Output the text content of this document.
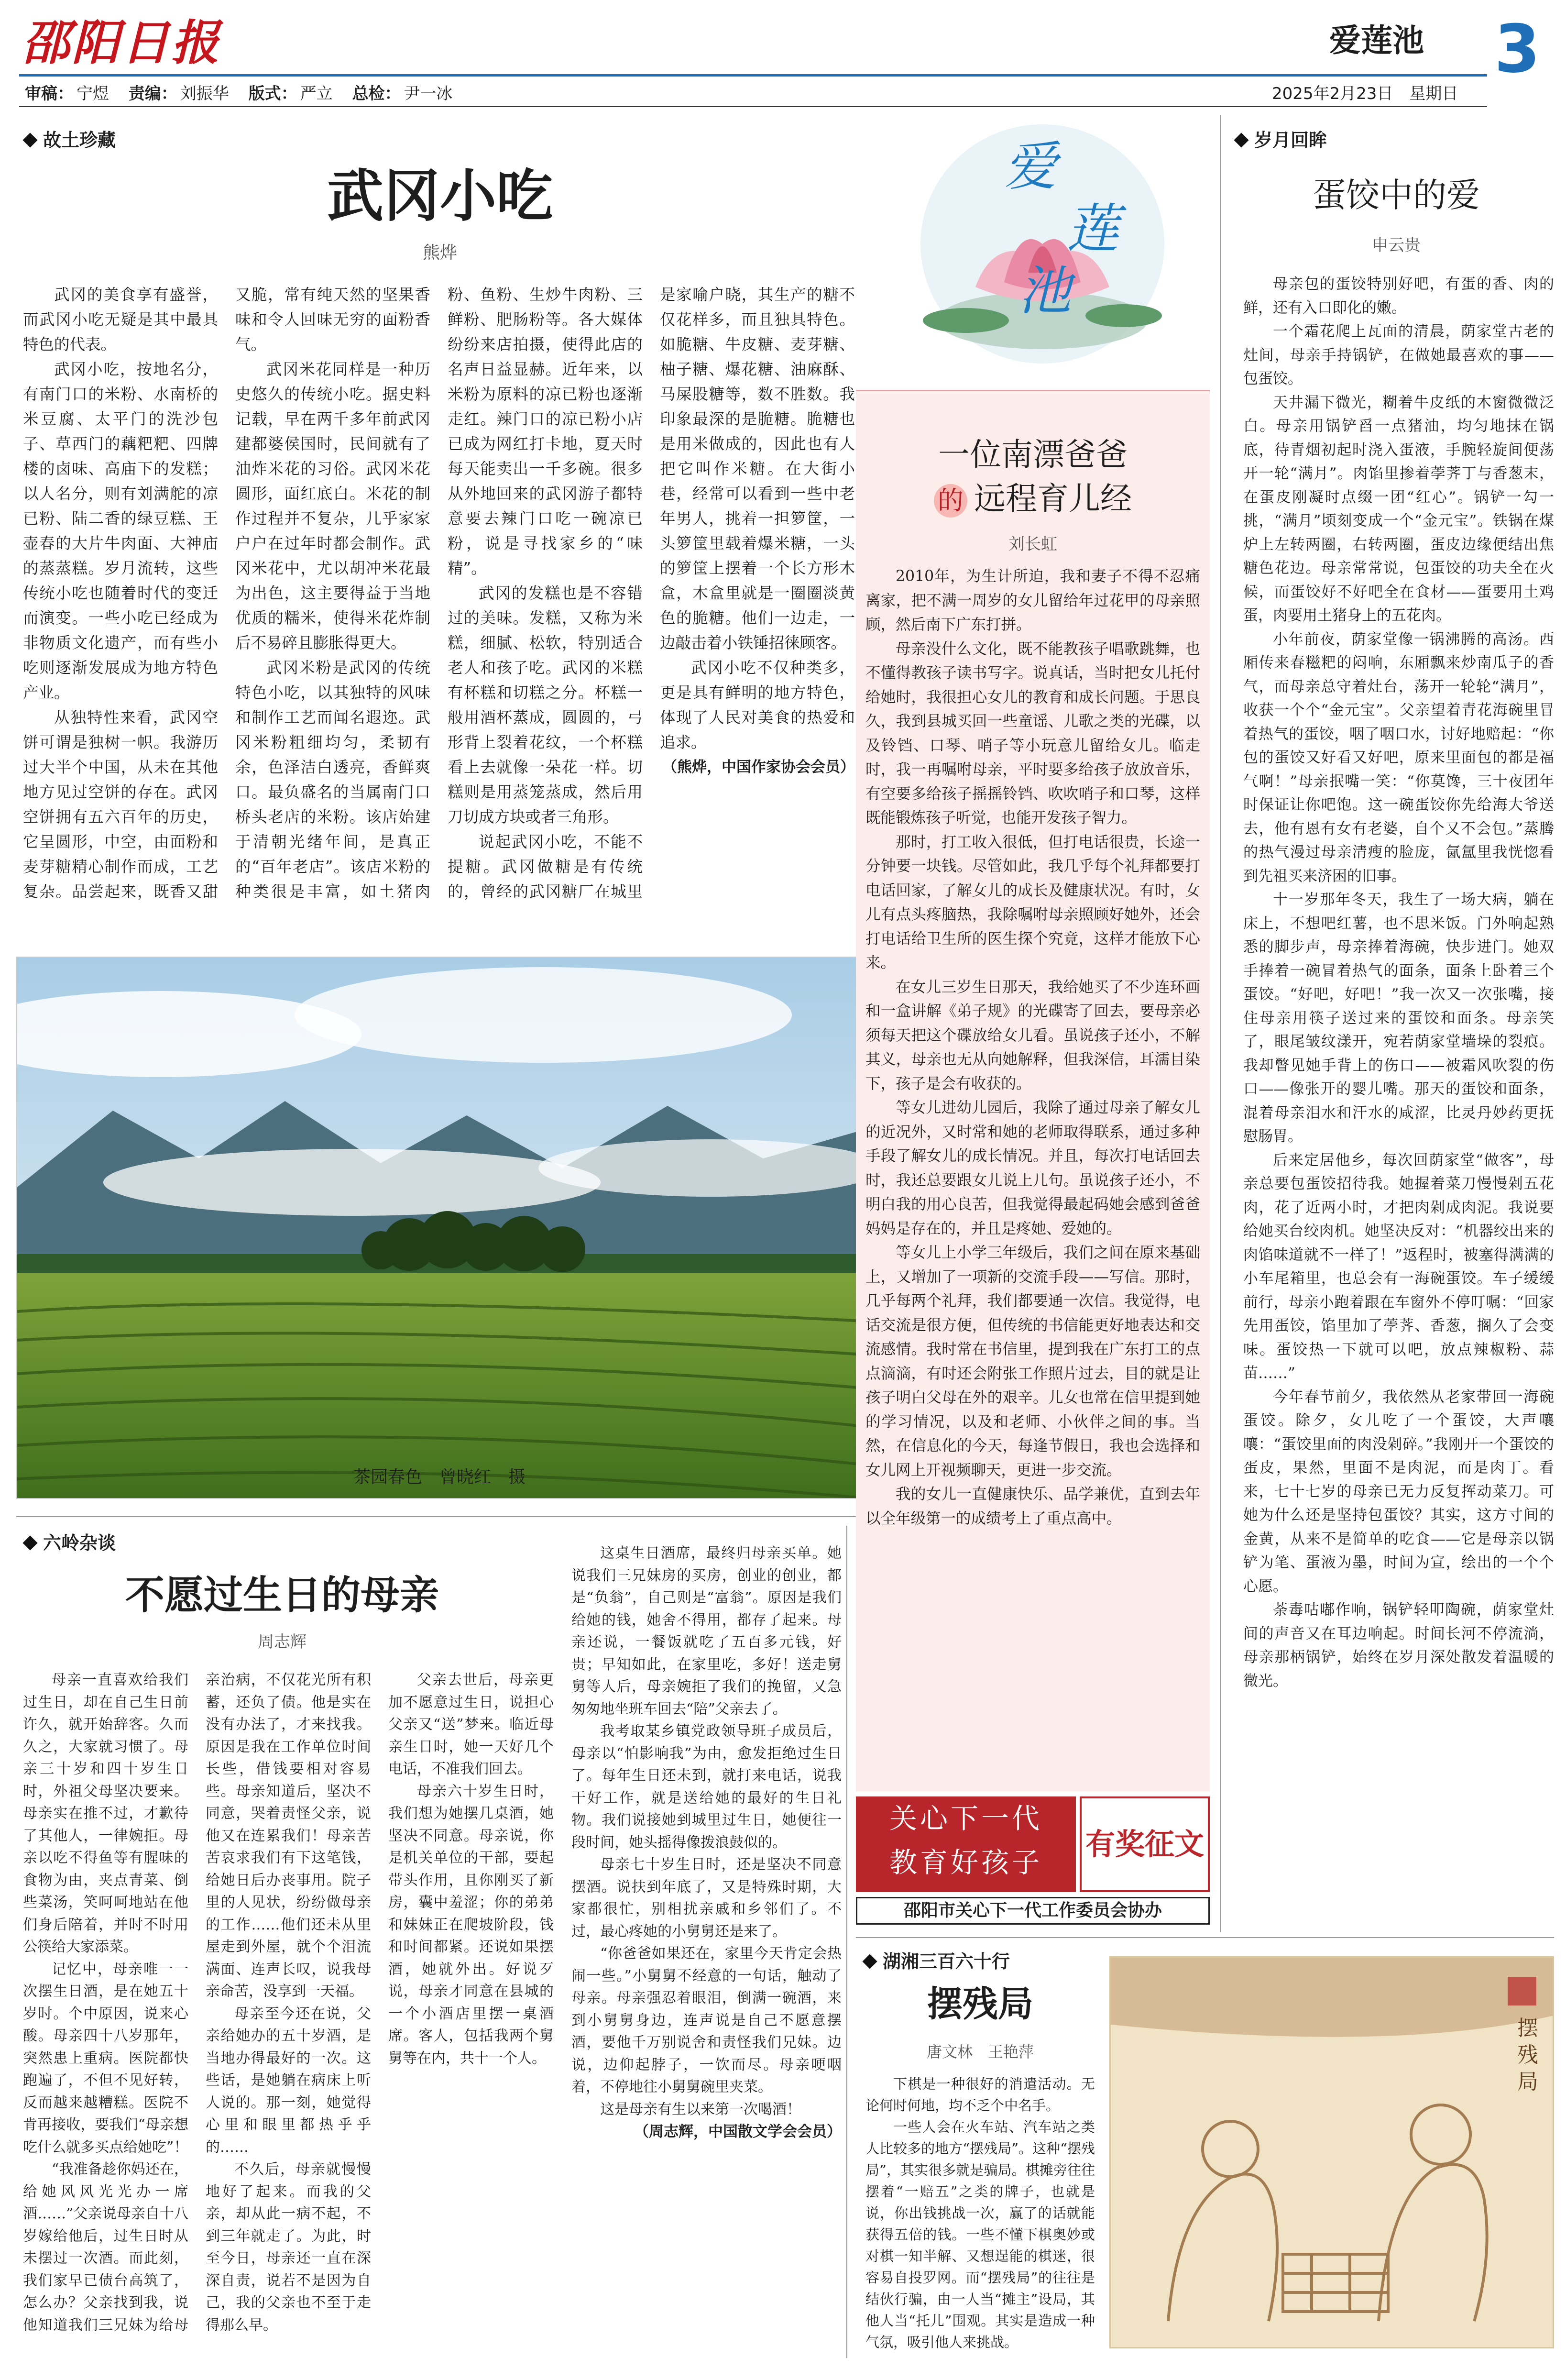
邵阳日报	爱莲池 3
审稿： 宁煜 责编： 刘振华 版式： 严立 总检： 尹一冰	2025年2月23日　星期日
故土珍藏
武冈小吃
熊烨

武冈的美食享有盛誉，而武冈小吃无疑是其中最具特色的代表。

武冈小吃，按地名分，有南门口的米粉、水南桥的米豆腐、太平门的洗沙包子、草西门的藕粑粑、四牌楼的卤味、高庙下的发糕；以人名分，则有刘满舵的凉已粉、陆二香的绿豆糕、王壶春的大片牛肉面、大神庙的蒸蒸糕。岁月流转，这些传统小吃也随着时代的变迁而演变。一些小吃已经成为非物质文化遗产，而有些小吃则逐渐发展成为地方特色产业。

从独特性来看，武冈空饼可谓是独树一帜。我游历过大半个中国，从未在其他地方见过空饼的存在。武冈空饼拥有五六百年的历史，它呈圆形，中空，由面粉和麦芽糖精心制作而成，工艺复杂。品尝起来，既香又甜又脆，常有纯天然的坚果香味和令人回味无穷的面粉香气。

武冈米花同样是一种历史悠久的传统小吃。据史料记载，早在两千多年前武冈建都婆侯国时，民间就有了油炸米花的习俗。武冈米花圆形，面红底白。米花的制作过程并不复杂，几乎家家户户在过年时都会制作。武冈米花中，尤以胡冲米花最为出色，这主要得益于当地优质的糯米，使得米花炸制后不易碎且膨胀得更大。

武冈米粉是武冈的传统特色小吃，以其独特的风味和制作工艺而闻名遐迩。武冈米粉粗细均匀，柔韧有余，色泽洁白透亮，香鲜爽口。最负盛名的当属南门口桥头老店的米粉。该店始建于清朝光绪年间，是真正的“百年老店”。该店米粉的种类很是丰富，如土猪肉粉、鱼粉、生炒牛肉粉、三鲜粉、肥肠粉等。各大媒体纷纷来店拍摄，使得此店的名声日益显赫。近年来，以米粉为原料的凉已粉也逐渐走红。辣门口的凉已粉小店已成为网红打卡地，夏天时每天能卖出一千多碗。很多从外地回来的武冈游子都特意要去辣门口吃一碗凉已粉，说是寻找家乡的“味精”。

武冈的发糕也是不容错过的美味。发糕，又称为米糕，细腻、松软，特别适合老人和孩子吃。武冈的米糕有杯糕和切糕之分。杯糕一般用酒杯蒸成，圆圆的，弓形背上裂着花纹，一个杯糕看上去就像一朵花一样。切糕则是用蒸笼蒸成，然后用刀切成方块或者三角形。

说起武冈小吃，不能不提糖。武冈做糖是有传统的，曾经的武冈糖厂在城里是家喻户晓，其生产的糖不仅花样多，而且独具特色。如脆糖、牛皮糖、麦芽糖、柚子糖、爆花糖、油麻酥、马屎股糖等，数不胜数。我印象最深的是脆糖。脆糖也是用米做成的，因此也有人把它叫作米糖。在大街小巷，经常可以看到一些中老年男人，挑着一担箩筐，一头箩筐里载着爆米糖，一头的箩筐上摆着一个长方形木盒，木盒里就是一圈圈淡黄色的脆糖。他们一边走，一边敲击着小铁锤招徕顾客。

武冈小吃不仅种类多，更是具有鲜明的地方特色，体现了人民对美食的热爱和追求。

（熊烨，中国作家协会会员）

茶园春色　曾晓红　摄
六岭杂谈
不愿过生日的母亲
周志辉

母亲一直喜欢给我们过生日，却在自己生日前许久，就开始辞客。久而久之，大家就习惯了。母亲三十岁和四十岁生日时，外祖父母坚决要来。母亲实在推不过，才歉待了其他人，一律婉拒。母亲以吃不得鱼等有腥味的食物为由，夹点青菜、倒些菜汤，笑呵呵地站在他们身后陪着，并时不时用公筷给大家添菜。

记忆中，母亲唯一一次摆生日酒，是在她五十岁时。个中原因，说来心酸。母亲四十八岁那年，突然患上重病。医院都快跑遍了，不但不见好转，反而越来越糟糕。医院不肯再接收，要我们“母亲想吃什么就多买点给她吃”！

“我准备趁你妈还在，给她风风光光办一席酒……”父亲说母亲自十八岁嫁给他后，过生日时从未摆过一次酒。而此刻，我们家早已债台高筑了，怎么办？父亲找到我，说他知道我们三兄妹为给母亲治病，不仅花光所有积蓄，还负了债。他是实在没有办法了，才来找我。原因是我在工作单位时间长些，借钱要相对容易些。母亲知道后，坚决不同意，哭着责怪父亲，说他又在连累我们！母亲苦苦哀求我们有下这笔钱，给她日后办丧事用。院子里的人见状，纷纷做母亲的工作……他们还未从里屋走到外屋，就个个泪流满面、连声长叹，说我母亲命苦，没享到一天福。

母亲至今还在说，父亲给她办的五十岁酒，是当地办得最好的一次。这些话，是她躺在病床上听人说的。那一刻，她觉得心里和眼里都热乎乎的……

不久后，母亲就慢慢地好了起来。而我的父亲，却从此一病不起，不到三年就走了。为此，时至今日，母亲还一直在深深自责，说若不是因为自己，我的父亲也不至于走得那么早。

父亲去世后，母亲更加不愿意过生日，说担心父亲又“送”梦来。临近母亲生日时，她一天好几个电话，不准我们回去。

母亲六十岁生日时，我们想为她摆几桌酒，她坚决不同意。母亲说，你是机关单位的干部，要起带头作用，且你刚买了新房，囊中羞涩；你的弟弟和妹妹正在爬坡阶段，钱和时间都紧。还说如果摆酒，她就外出。好说歹说，母亲才同意在县城的一个小酒店里摆一桌酒席。客人，包括我两个舅舅等在内，共十一个人。

这桌生日酒席，最终归母亲买单。她说我们三兄妹房的买房，创业的创业，都是“负翁”，自己则是“富翁”。原因是我们给她的钱，她舍不得用，都存了起来。母亲还说，一餐饭就吃了五百多元钱，好贵；早知如此，在家里吃，多好！送走舅舅等人后，母亲婉拒了我们的挽留，又急匆匆地坐班车回去“陪”父亲去了。

我考取某乡镇党政领导班子成员后，母亲以“怕影响我”为由，愈发拒绝过生日了。每年生日还未到，就打来电话，说我干好工作，就是送给她的最好的生日礼物。我们说接她到城里过生日，她便往一段时间，她头摇得像拨浪鼓似的。

母亲七十岁生日时，还是坚决不同意摆酒。说扶到年底了，又是特殊时期，大家都很忙，别相扰亲戚和乡邻们了。不过，最心疼她的小舅舅还是来了。

“你爸爸如果还在，家里今天肯定会热闹一些。”小舅舅不经意的一句话，触动了母亲。母亲强忍着眼泪，倒满一碗酒，来到小舅舅身边，连声说是自己不愿意摆酒，要他千万别说舍和责怪我们兄妹。边说，边仰起脖子，一饮而尽。母亲哽咽着，不停地往小舅舅碗里夹菜。

这是母亲有生以来第一次喝酒！

（周志辉，中国散文学会会员）

爱
莲
池
一位南漂爸爸
的 远程育儿经
刘长虹

2010年，为生计所迫，我和妻子不得不忍痛离家，把不满一周岁的女儿留给年过花甲的母亲照顾，然后南下广东打拼。

母亲没什么文化，既不能教孩子唱歌跳舞，也不懂得教孩子读书写字。说真话，当时把女儿托付给她时，我很担心女儿的教育和成长问题。于思良久，我到县城买回一些童谣、儿歌之类的光碟，以及铃铛、口琴、哨子等小玩意儿留给女儿。临走时，我一再嘱咐母亲，平时要多给孩子放放音乐，有空要多给孩子摇摇铃铛、吹吹哨子和口琴，这样既能锻炼孩子听觉，也能开发孩子智力。

那时，打工收入很低，但打电话很贵，长途一分钟要一块钱。尽管如此，我几乎每个礼拜都要打电话回家，了解女儿的成长及健康状况。有时，女儿有点头疼脑热，我除嘱咐母亲照顾好她外，还会打电话给卫生所的医生探个究竟，这样才能放下心来。

在女儿三岁生日那天，我给她买了不少连环画和一盒讲解《弟子规》的光碟寄了回去，要母亲必须每天把这个碟放给女儿看。虽说孩子还小，不解其义，母亲也无从向她解释，但我深信，耳濡目染下，孩子是会有收获的。

等女儿进幼儿园后，我除了通过母亲了解女儿的近况外，又时常和她的老师取得联系，通过多种手段了解女儿的成长情况。并且，每次打电话回去时，我还总要跟女儿说上几句。虽说孩子还小，不明白我的用心良苦，但我觉得最起码她会感到爸爸妈妈是存在的，并且是疼她、爱她的。

等女儿上小学三年级后，我们之间在原来基础上，又增加了一项新的交流手段——写信。那时，几乎每两个礼拜，我们都要通一次信。我觉得，电话交流是很方便，但传统的书信能更好地表达和交流感情。我时常在书信里，提到我在广东打工的点点滴滴，有时还会附张工作照片过去，目的就是让孩子明白父母在外的艰辛。儿女也常在信里提到她的学习情况，以及和老师、小伙伴之间的事。当然，在信息化的今天，每逢节假日，我也会选择和女儿网上开视频聊天，更进一步交流。

我的女儿一直健康快乐、品学兼优，直到去年以全年级第一的成绩考上了重点高中。

关心下一代
教育好孩子
有奖征文
邵阳市关心下一代工作委员会协办
岁月回眸
蛋饺中的爱
申云贵

母亲包的蛋饺特别好吧，有蛋的香、肉的鲜，还有入口即化的嫩。

一个霜花爬上瓦面的清晨，荫家堂古老的灶间，母亲手持锅铲，在做她最喜欢的事——包蛋饺。

天井漏下微光，糊着牛皮纸的木窗微微泛白。母亲用锅铲舀一点猪油，均匀地抹在锅底，待青烟初起时浇入蛋液，手腕轻旋间便荡开一轮“满月”。肉馅里掺着荸荠丁与香葱末，在蛋皮刚凝时点缀一团“红心”。锅铲一勾一挑，“满月”顷刻变成一个“金元宝”。铁锅在煤炉上左转两圈，右转两圈，蛋皮边缘便结出焦糖色花边。母亲常常说，包蛋饺的功夫全在火候，而蛋饺好不好吧全在食材——蛋要用土鸡蛋，肉要用土猪身上的五花肉。

小年前夜，荫家堂像一锅沸腾的高汤。西厢传来春糍粑的闷响，东厢飘来炒南瓜子的香气，而母亲总守着灶台，荡开一轮轮“满月”，收获一个个“金元宝”。父亲望着青花海碗里冒着热气的蛋饺，咽了咽口水，讨好地赔起：“你包的蛋饺又好看又好吧，原来里面包的都是福气啊！”母亲抿嘴一笑：“你莫馋，三十夜团年时保证让你吧饱。这一碗蛋饺你先给海大爷送去，他有恩有女有老婆，自个又不会包。”蒸腾的热气漫过母亲清瘦的脸庞，氤氲里我恍惚看到先祖买来济困的旧事。

十一岁那年冬天，我生了一场大病，躺在床上，不想吧红薯，也不思米饭。门外响起熟悉的脚步声，母亲捧着海碗，快步进门。她双手捧着一碗冒着热气的面条，面条上卧着三个蛋饺。“好吧，好吧！”我一次又一次张嘴，接住母亲用筷子送过来的蛋饺和面条。母亲笑了，眼尾皱纹漾开，宛若荫家堂墙垛的裂痕。我却瞥见她手背上的伤口——被霜风吹裂的伤口——像张开的婴儿嘴。那天的蛋饺和面条，混着母亲泪水和汗水的咸涩，比灵丹妙药更抚慰肠胃。

后来定居他乡，每次回荫家堂“做客”，母亲总要包蛋饺招待我。她握着菜刀慢慢剁五花肉，花了近两小时，才把肉剁成肉泥。我说要给她买台绞肉机。她坚决反对：“机器绞出来的肉馅味道就不一样了！”返程时，被塞得满满的小车尾箱里，也总会有一海碗蛋饺。车子缓缓前行，母亲小跑着跟在车窗外不停叮嘱：“回家先用蛋饺，馅里加了荸荠、香葱，搁久了会变味。蛋饺热一下就可以吧，放点辣椒粉、蒜苗……”

今年春节前夕，我依然从老家带回一海碗蛋饺。除夕，女儿吃了一个蛋饺，大声嚷嚷：“蛋饺里面的肉没剁碎。”我刚开一个蛋饺的蛋皮，果然，里面不是肉泥，而是肉丁。看来，七十七岁的母亲已无力反复挥动菜刀。可她为什么还是坚持包蛋饺？其实，这方寸间的金黄，从来不是简单的吃食——它是母亲以锅铲为笔、蛋液为墨，时间为宣，绘出的一个个心愿。

荼毒咕嘟作响，锅铲轻叩陶碗，荫家堂灶间的声音又在耳边响起。时间长河不停流淌，母亲那柄锅铲，始终在岁月深处散发着温暖的微光。

湖湘三百六十行
摆残局
唐文林　王艳萍

下棋是一种很好的消遣活动。无论何时何地，均不乏个中名手。

一些人会在火车站、汽车站之类人比较多的地方“摆残局”。这种“摆残局”，其实很多就是骗局。棋摊旁往往摆着“一赔五”之类的牌子，也就是说，你出钱挑战一次，赢了的话就能获得五倍的钱。一些不懂下棋奥妙或对棋一知半解、又想逞能的棋迷，很容易自投罗网。而“摆残局”的往往是结伙行骗，由一人当“摊主”设局，其他人当“托儿”围观。其实是造成一种气氛，吸引他人来挑战。

摆残局
